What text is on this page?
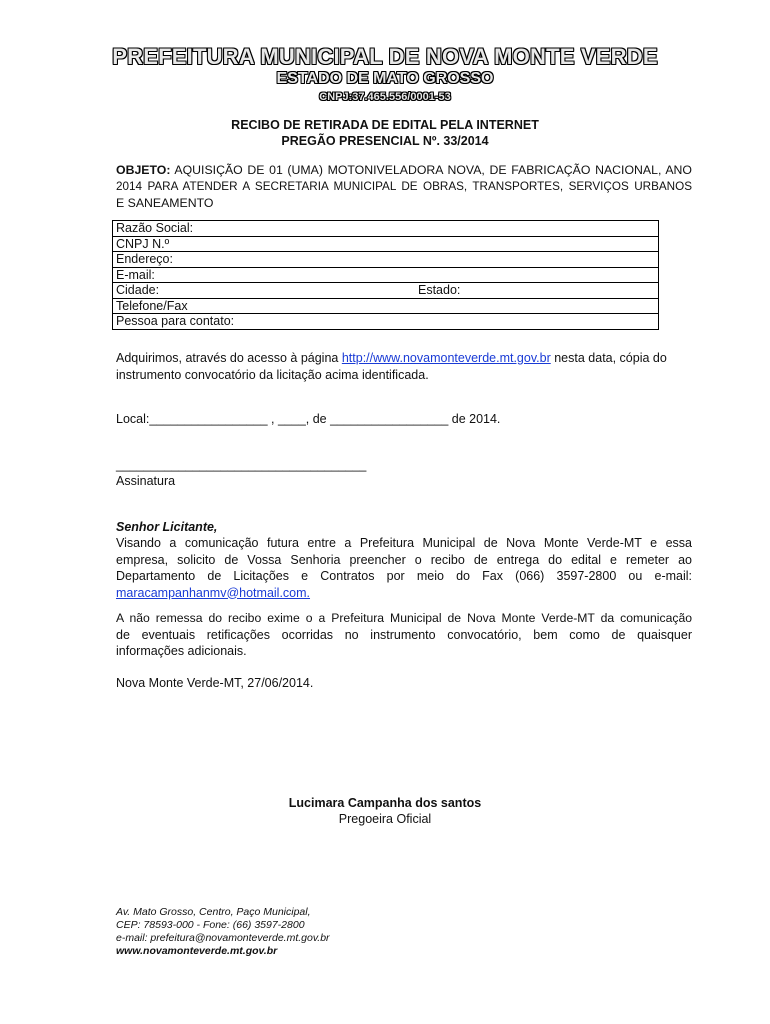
PREFEITURA MUNICIPAL DE NOVA MONTE VERDE
ESTADO DE MATO GROSSO
CNPJ:37.465.556/0001-53
RECIBO DE RETIRADA DE EDITAL PELA INTERNET
PREGÃO PRESENCIAL Nº. 33/2014
OBJETO: AQUISIÇÃO DE 01 (UMA) MOTONIVELADORA NOVA, DE FABRICAÇÃO NACIONAL, ANO
2014 PARA ATENDER A SECRETARIA MUNICIPAL DE OBRAS, TRANSPORTES, SERVIÇOS URBANOS
E SANEAMENTO
Razão Social:
CNPJ N.º
Endereço:
E-mail:
Cidade:	Estado:

Telefone/Fax
Pessoa para contato:
Adquirimos, através do acesso à página http://www.novamonteverde.mt.gov.br nesta data, cópia do
instrumento convocatório da licitação acima identificada.
Local:_________________ , ____, de _________________ de 2014.
____________________________________
Assinatura
Senhor Licitante,
Visando a comunicação futura entre a Prefeitura Municipal de Nova Monte Verde-MT e essa
empresa, solicito de Vossa Senhoria preencher o recibo de entrega do edital e remeter ao
Departamento de Licitações e Contratos por meio do Fax (066) 3597-2800 ou e-mail:
maracampanhanmv@hotmail.com.
A não remessa do recibo exime o a Prefeitura Municipal de Nova Monte Verde-MT da comunicação
de eventuais retificações ocorridas no instrumento convocatório, bem como de quaisquer
informações adicionais.
Nova Monte Verde-MT, 27/06/2014.
Lucimara Campanha dos santos
Pregoeira Oficial
Av. Mato Grosso, Centro, Paço Municipal,
CEP: 78593-000 - Fone: (66) 3597-2800
e-mail: prefeitura@novamonteverde.mt.gov.br
www.novamonteverde.mt.gov.br
